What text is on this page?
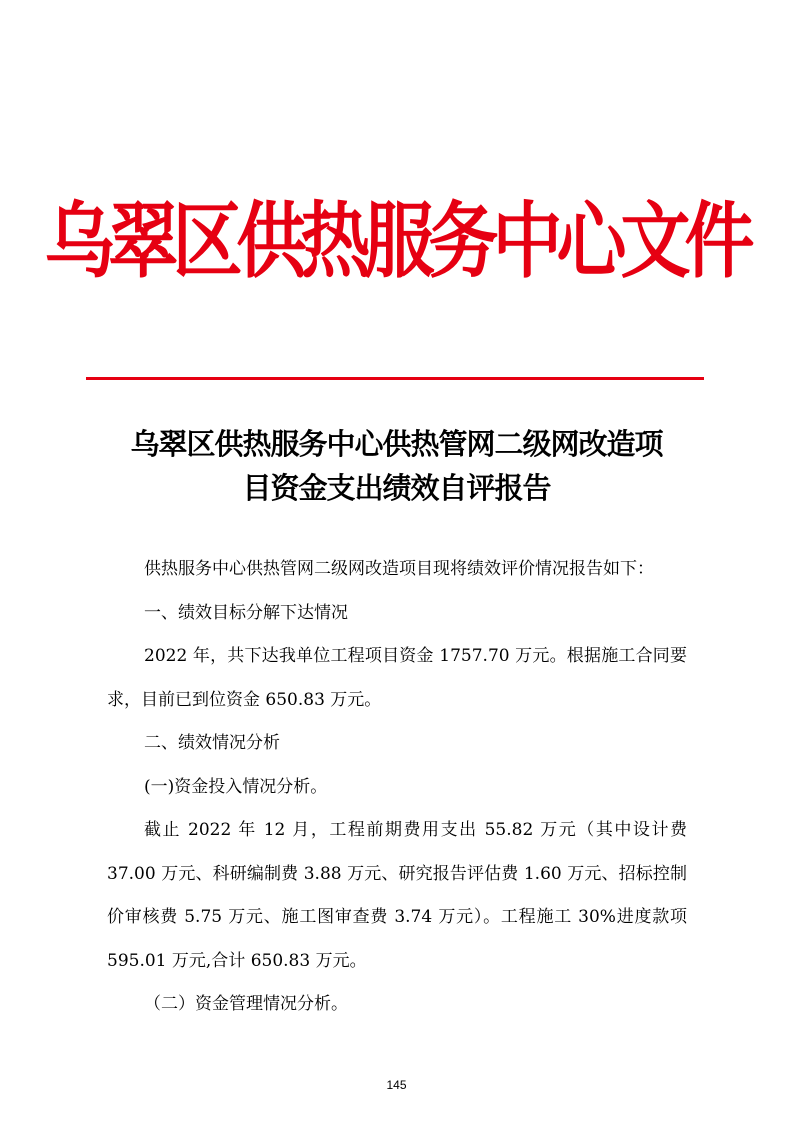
乌翠区供热服务中心文件
乌翠区供热服务中心供热管网二级网改造项
目资金支出绩效自评报告

供热服务中心供热管网二级网改造项目现将绩效评价情况报告如下：

一、绩效目标分解下达情况

2022 年，共下达我单位工程项目资金 1757.70 万元。根据施工合同要求，目前已到位资金 650.83 万元。

二、绩效情况分析

(一)资金投入情况分析。

截止 2022 年 12 月，工程前期费用支出 55.82 万元（其中设计费 37.00 万元、科研编制费 3.88 万元、研究报告评估费 1.60 万元、招标控制价审核费 5.75 万元、施工图审查费 3.74 万元）。工程施工 30%进度款项 595.01 万元,合计 650.83 万元。

（二）资金管理情况分析。

145
